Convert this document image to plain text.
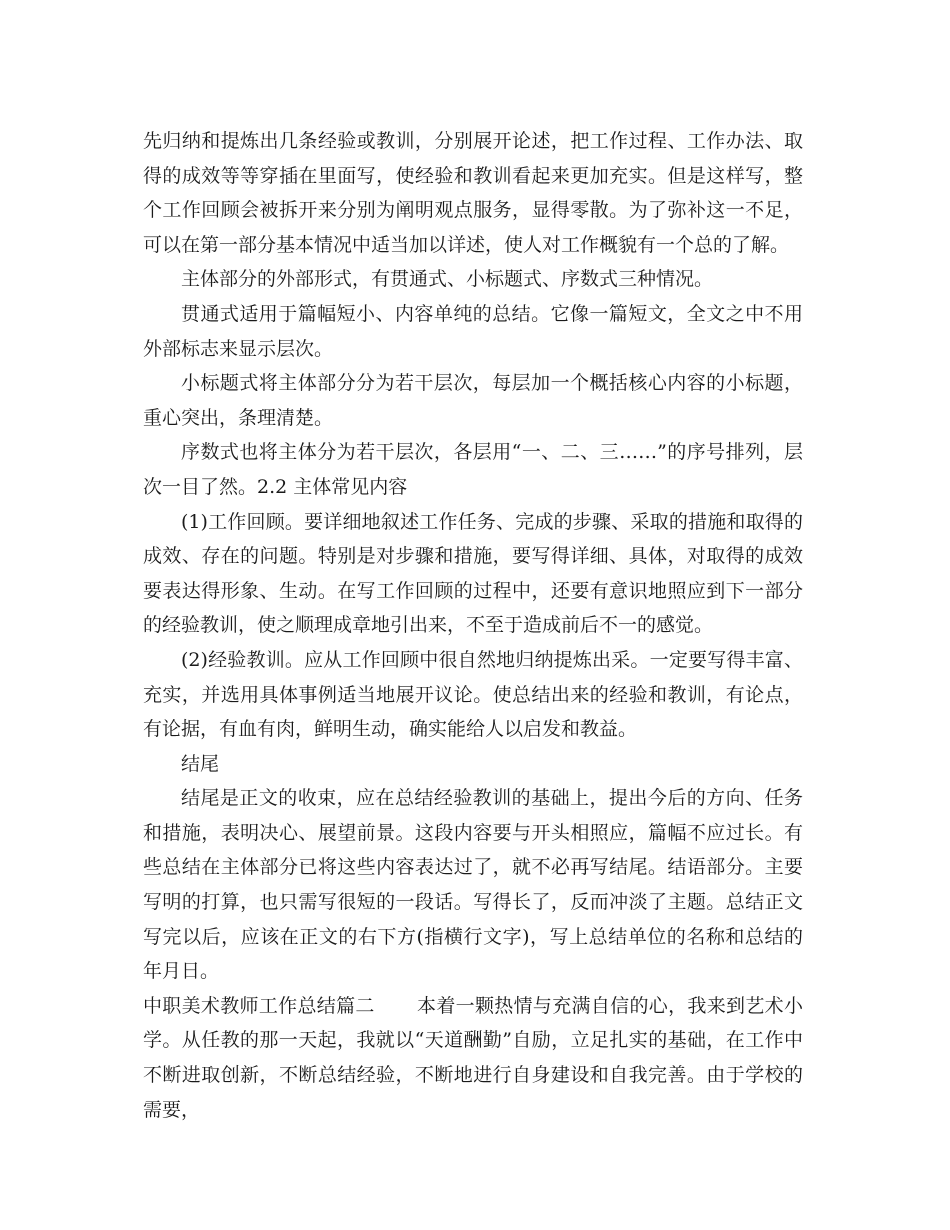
先归纳和提炼出几条经验或教训，分别展开论述，把工作过程、工作办法、取得的成效等等穿插在里面写，使经验和教训看起来更加充实。但是这样写，整个工作回顾会被拆开来分别为阐明观点服务，显得零散。为了弥补这一不足，可以在第一部分基本情况中适当加以详述，使人对工作概貌有一个总的了解。

主体部分的外部形式，有贯通式、小标题式、序数式三种情况。

贯通式适用于篇幅短小、内容单纯的总结。它像一篇短文，全文之中不用外部标志来显示层次。

小标题式将主体部分分为若干层次，每层加一个概括核心内容的小标题，重心突出，条理清楚。

序数式也将主体分为若干层次，各层用“一、二、三……”的序号排列，层次一目了然。2.2 主体常见内容

(1)工作回顾。要详细地叙述工作任务、完成的步骤、采取的措施和取得的成效、存在的问题。特别是对步骤和措施，要写得详细、具体，对取得的成效要表达得形象、生动。在写工作回顾的过程中，还要有意识地照应到下一部分的经验教训，使之顺理成章地引出来，不至于造成前后不一的感觉。

(2)经验教训。应从工作回顾中很自然地归纳提炼出采。一定要写得丰富、充实，并选用具体事例适当地展开议论。使总结出来的经验和教训，有论点，有论据，有血有肉，鲜明生动，确实能给人以启发和教益。

结尾

结尾是正文的收束，应在总结经验教训的基础上，提出今后的方向、任务和措施，表明决心、展望前景。这段内容要与开头相照应，篇幅不应过长。有些总结在主体部分已将这些内容表达过了，就不必再写结尾。结语部分。主要写明的打算，也只需写很短的一段话。写得长了，反而冲淡了主题。总结正文写完以后，应该在正文的右下方(指横行文字)，写上总结单位的名称和总结的年月日。

中职美术教师工作总结篇二 本着一颗热情与充满自信的心，我来到艺术小学。从任教的那一天起，我就以“天道酬勤”自励，立足扎实的基础，在工作中不断进取创新，不断总结经验，不断地进行自身建设和自我完善。由于学校的需要，
